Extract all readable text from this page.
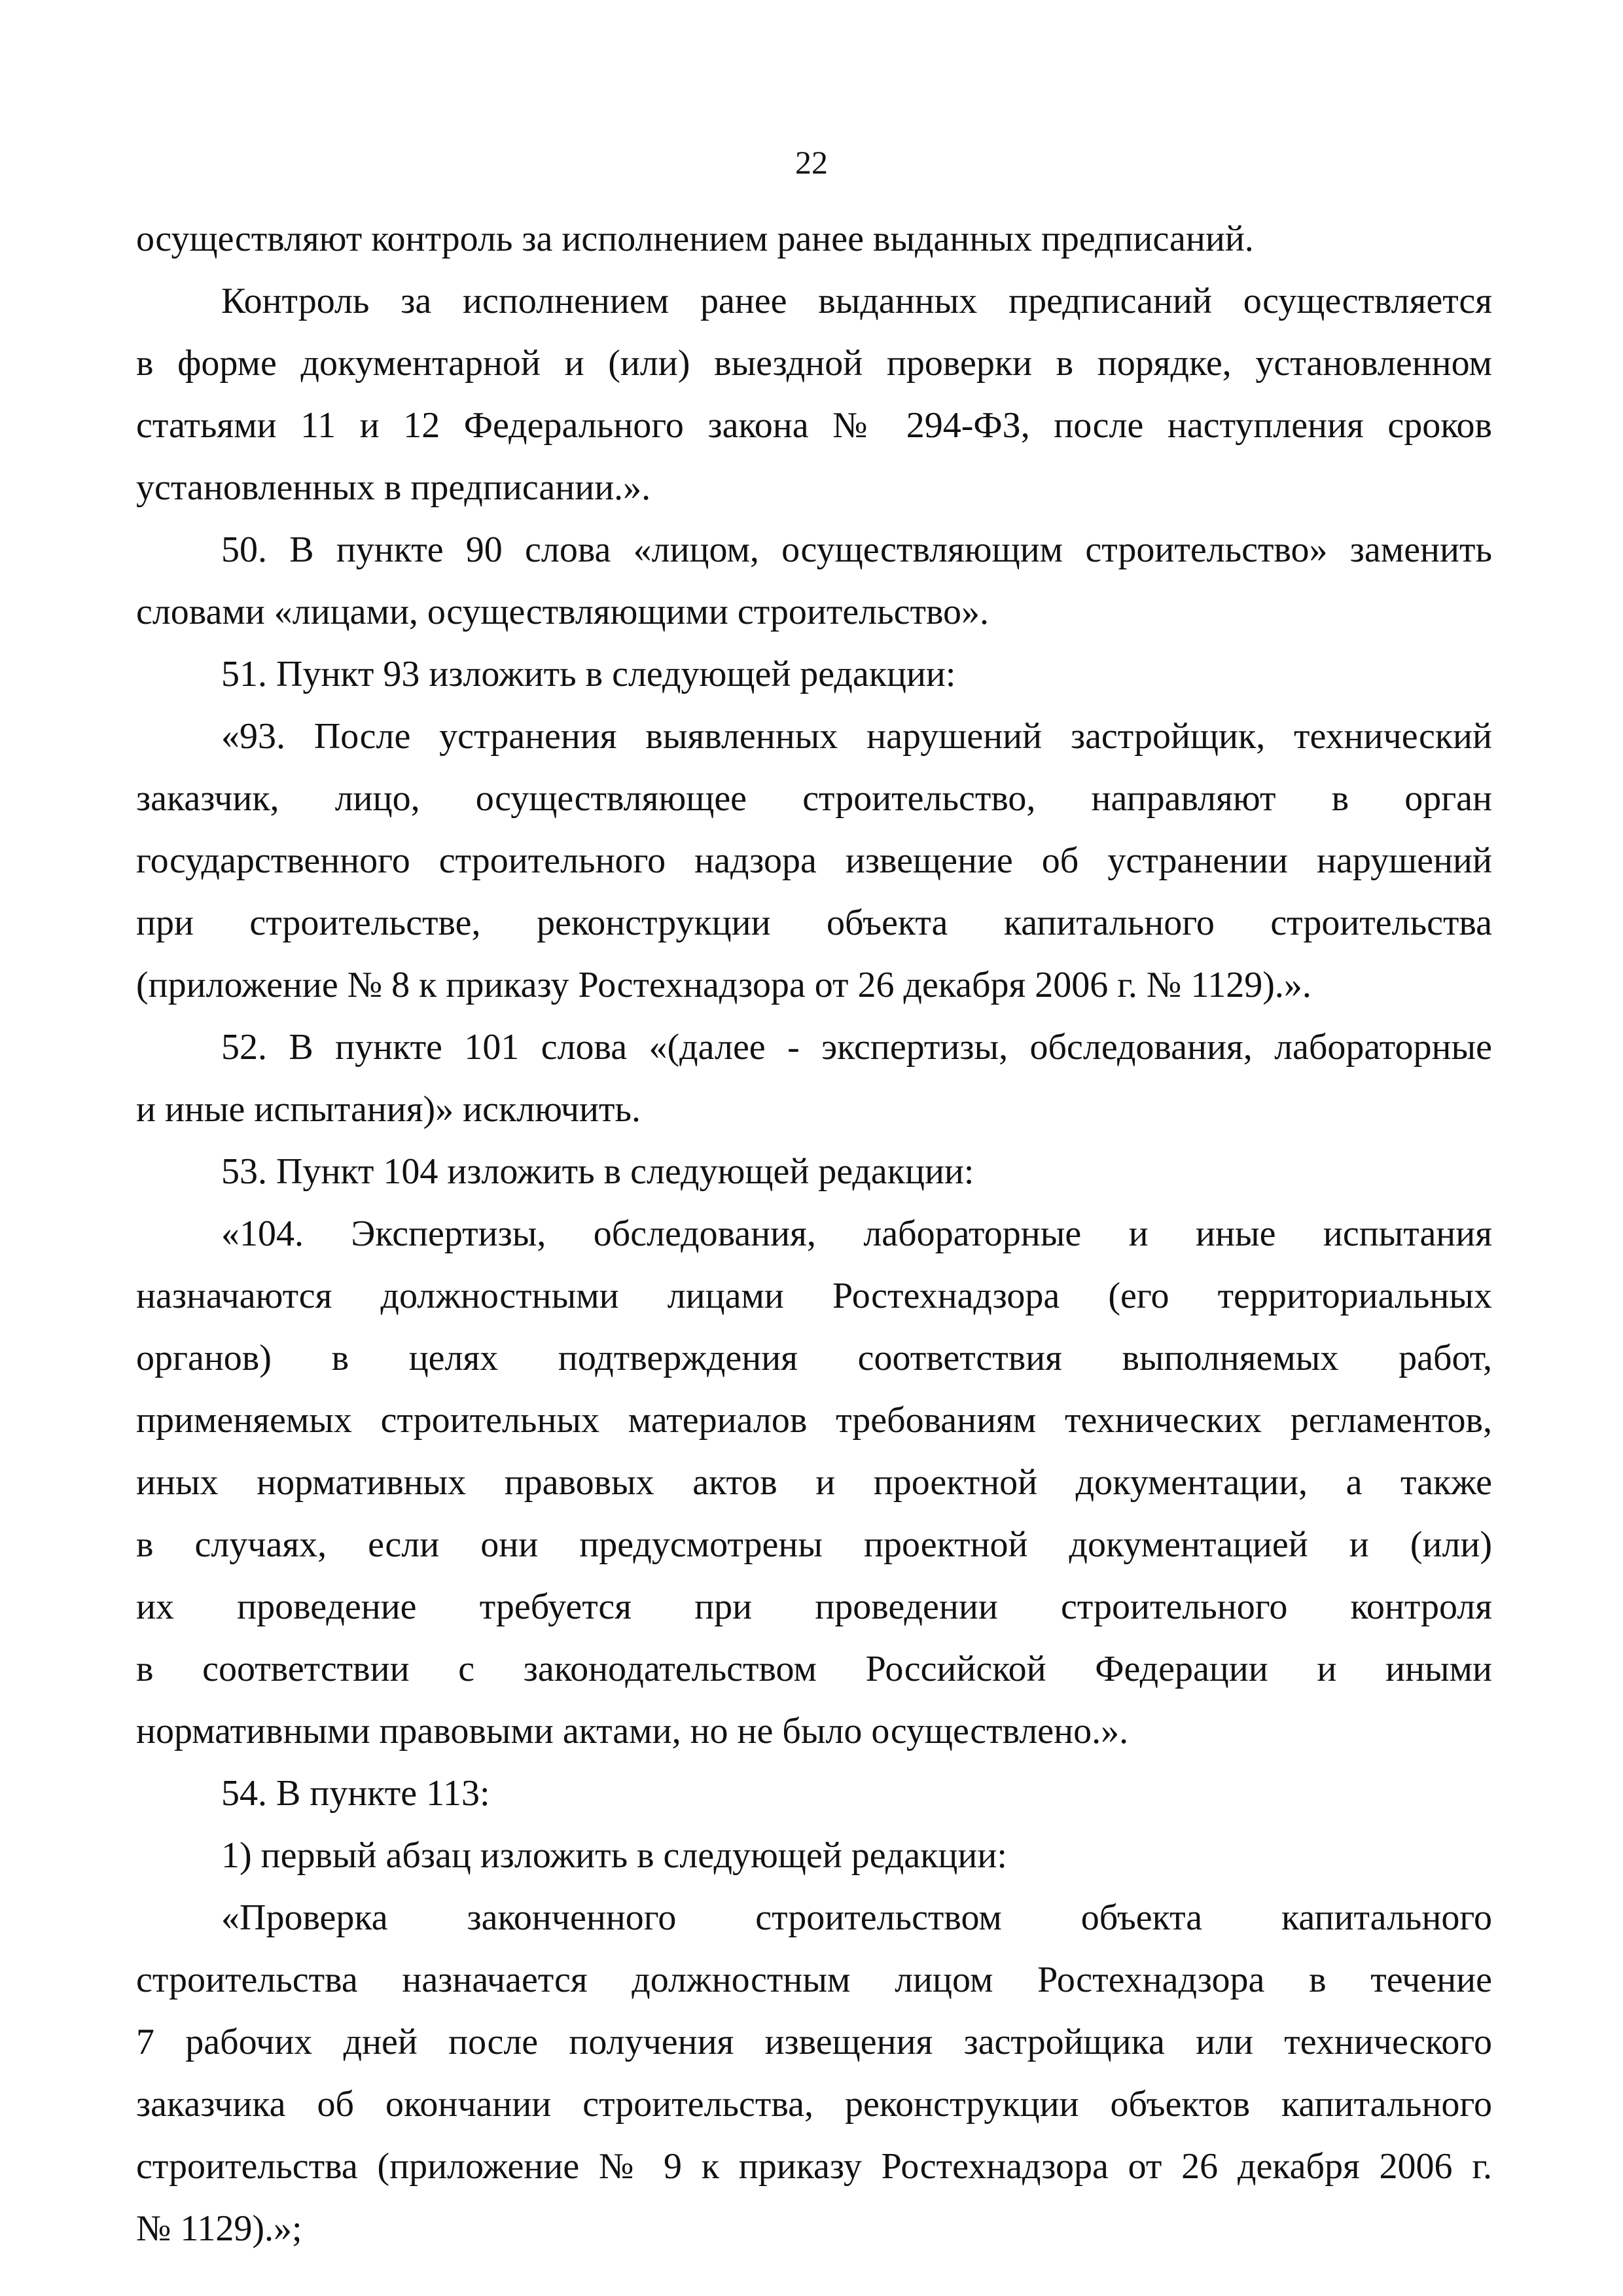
22
осуществляют контроль за исполнением ранее выданных предписаний.
Контроль за исполнением ранее выданных предписаний осуществляется
в форме документарной и (или) выездной проверки в порядке, установленном
статьями 11 и 12 Федерального закона № 294-ФЗ, после наступления сроков
установленных в предписании.».
50. В пункте 90 слова «лицом, осуществляющим строительство» заменить
словами «лицами, осуществляющими строительство».
51. Пункт 93 изложить в следующей редакции:
«93. После устранения выявленных нарушений застройщик, технический
заказчик, лицо, осуществляющее строительство, направляют в орган
государственного строительного надзора извещение об устранении нарушений
при строительстве, реконструкции объекта капитального строительства
(приложение № 8 к приказу Ростехнадзора от 26 декабря 2006 г. № 1129).».
52. В пункте 101 слова «(далее - экспертизы, обследования, лабораторные
и иные испытания)» исключить.
53. Пункт 104 изложить в следующей редакции:
«104. Экспертизы, обследования, лабораторные и иные испытания
назначаются должностными лицами Ростехнадзора (его территориальных
органов) в целях подтверждения соответствия выполняемых работ,
применяемых строительных материалов требованиям технических регламентов,
иных нормативных правовых актов и проектной документации, а также
в случаях, если они предусмотрены проектной документацией и (или)
их проведение требуется при проведении строительного контроля
в соответствии с законодательством Российской Федерации и иными
нормативными правовыми актами, но не было осуществлено.».
54. В пункте 113:
1) первый абзац изложить в следующей редакции:
«Проверка законченного строительством объекта капитального
строительства назначается должностным лицом Ростехнадзора в течение
7 рабочих дней после получения извещения застройщика или технического
заказчика об окончании строительства, реконструкции объектов капитального
строительства (приложение № 9 к приказу Ростехнадзора от 26 декабря 2006 г.
№ 1129).»;
